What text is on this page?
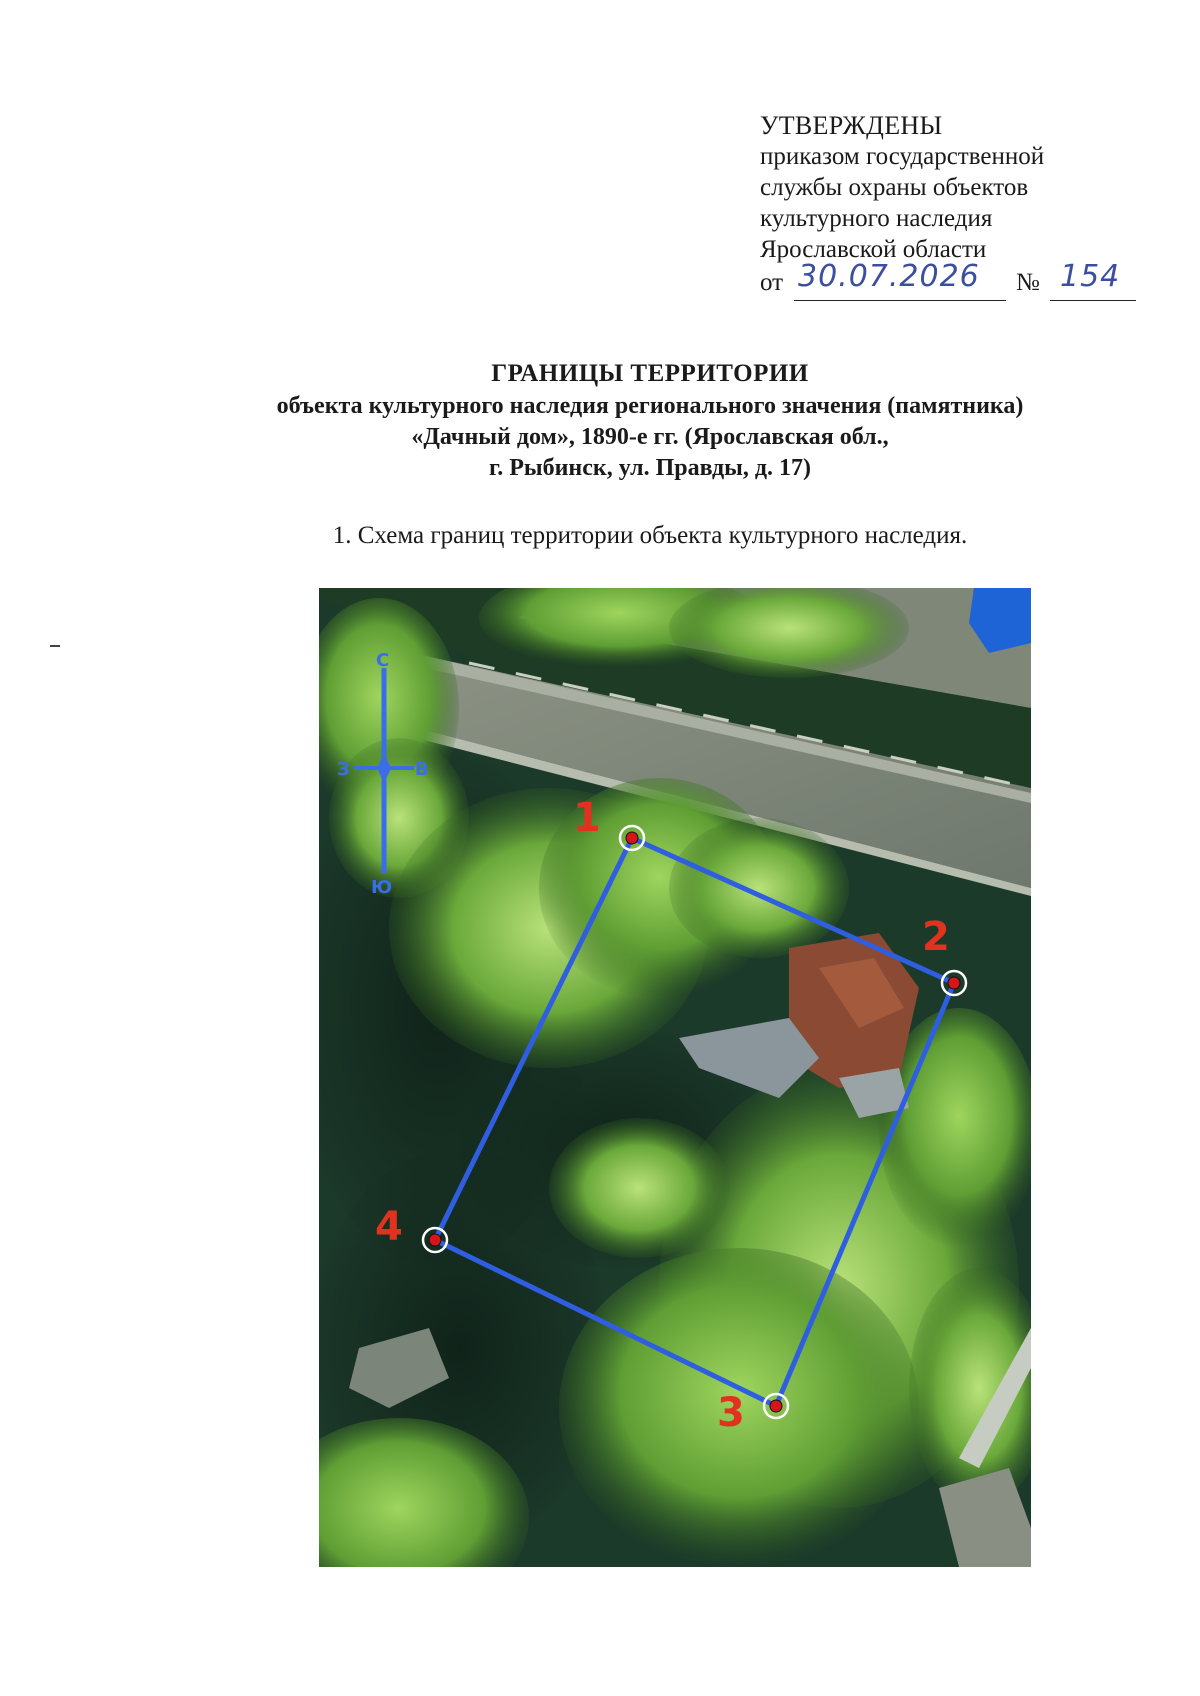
УТВЕРЖДЕНЫ
приказом государственной
службы охраны объектов
культурного наследия
Ярославской области
от 30.07.2026 № 154
ГРАНИЦЫ ТЕРРИТОРИИ
объекта культурного наследия регионального значения (памятника)
«Дачный дом», 1890-е гг. (Ярославская обл.,
г. Рыбинск, ул. Правды, д. 17)
1. Схема границ территории объекта культурного наследия.
С
Ю
В
З
1
2
3
4
